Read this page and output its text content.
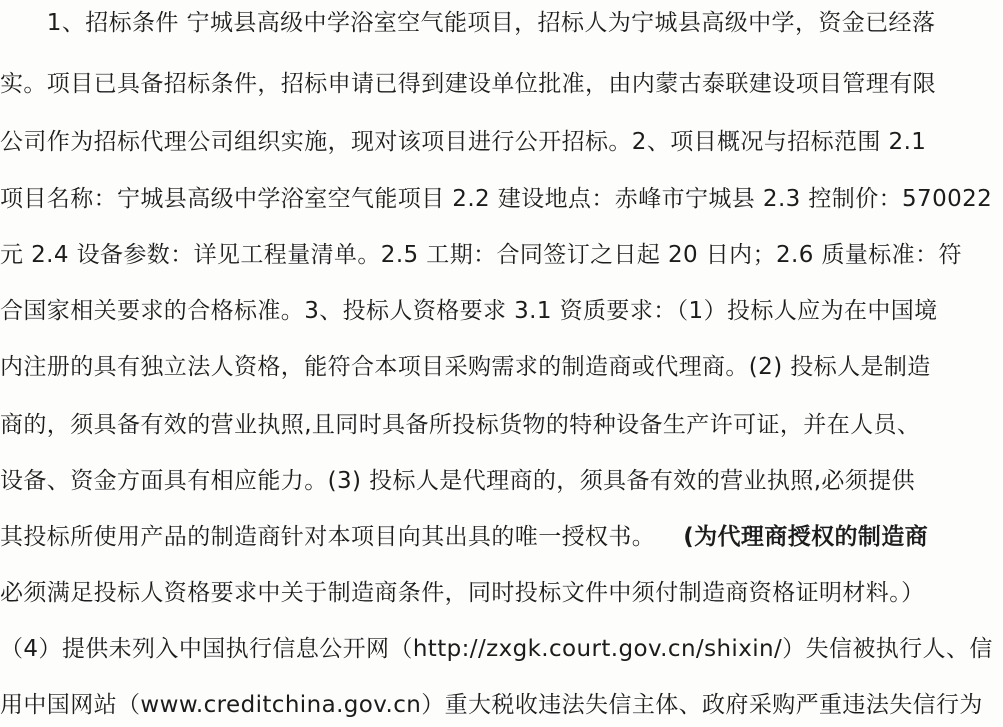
　　1、招标条件 宁城县高级中学浴室空气能项目，招标人为宁城县高级中学，资金已经落
实。项目已具备招标条件，招标申请已得到建设单位批准，由内蒙古泰联建设项目管理有限
公司作为招标代理公司组织实施，现对该项目进行公开招标。2、项目概况与招标范围 2.1
项目名称：宁城县高级中学浴室空气能项目 2.2 建设地点：赤峰市宁城县 2.3 控制价：570022
元 2.4 设备参数：详见工程量清单。2.5 工期：合同签订之日起 20 日内；2.6 质量标准：符
合国家相关要求的合格标准。3、投标人资格要求 3.1 资质要求：（1）投标人应为在中国境
内注册的具有独立法人资格，能符合本项目采购需求的制造商或代理商。(2) 投标人是制造
商的，须具备有效的营业执照,且同时具备所投标货物的特种设备生产许可证，并在人员、
设备、资金方面具有相应能力。(3) 投标人是代理商的，须具备有效的营业执照,必须提供
其投标所使用产品的制造商针对本项目向其出具的唯一授权书。 (为代理商授权的制造商
必须满足投标人资格要求中关于制造商条件，同时投标文件中须付制造商资格证明材料。）
（4）提供未列入中国执行信息公开网（http://zxgk.court.gov.cn/shixin/）失信被执行人、信
用中国网站（www.creditchina.gov.cn）重大税收违法失信主体、政府采购严重违法失信行为
